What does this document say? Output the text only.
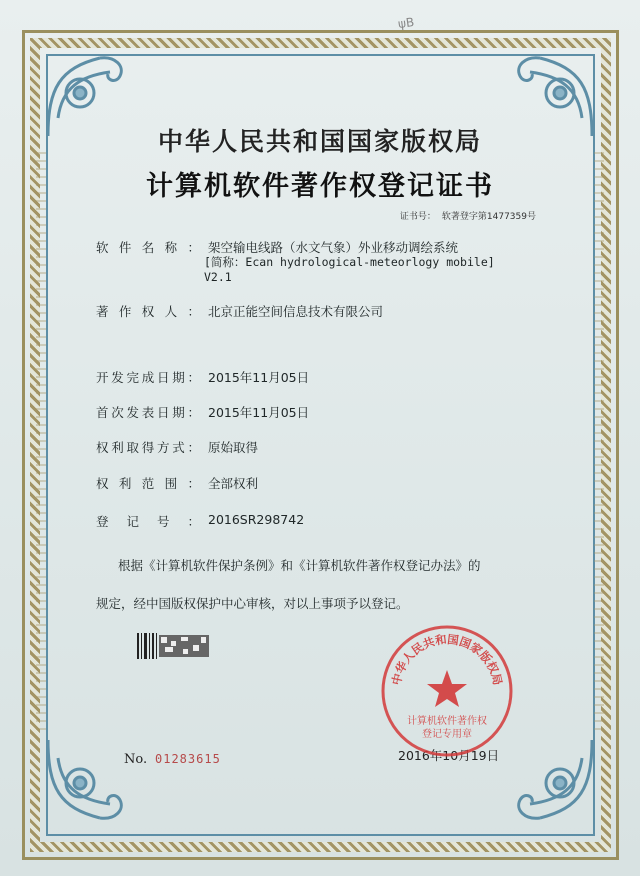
ψB
中华人民共和国国家版权局
计算机软件著作权登记证书
证书号： 软著登字第1477359号
软件名称： 架空输电线路（水文气象）外业移动调绘系统
[简称：Ecan hydrological-meteorlogy mobile]
V2.1
著作权人： 北京正能空间信息技术有限公司
开发完成日期： 2015年11月05日
首次发表日期： 2015年11月05日
权利取得方式： 原始取得
权利范围： 全部权利
登记号： 2016SR298742
根据《计算机软件保护条例》和《计算机软件著作权登记办法》的
规定，经中国版权保护中心审核，对以上事项予以登记。
No. 01283615	2016年10月19日
中华人民共和国国家版权局
计算机软件著作权
登记专用章
